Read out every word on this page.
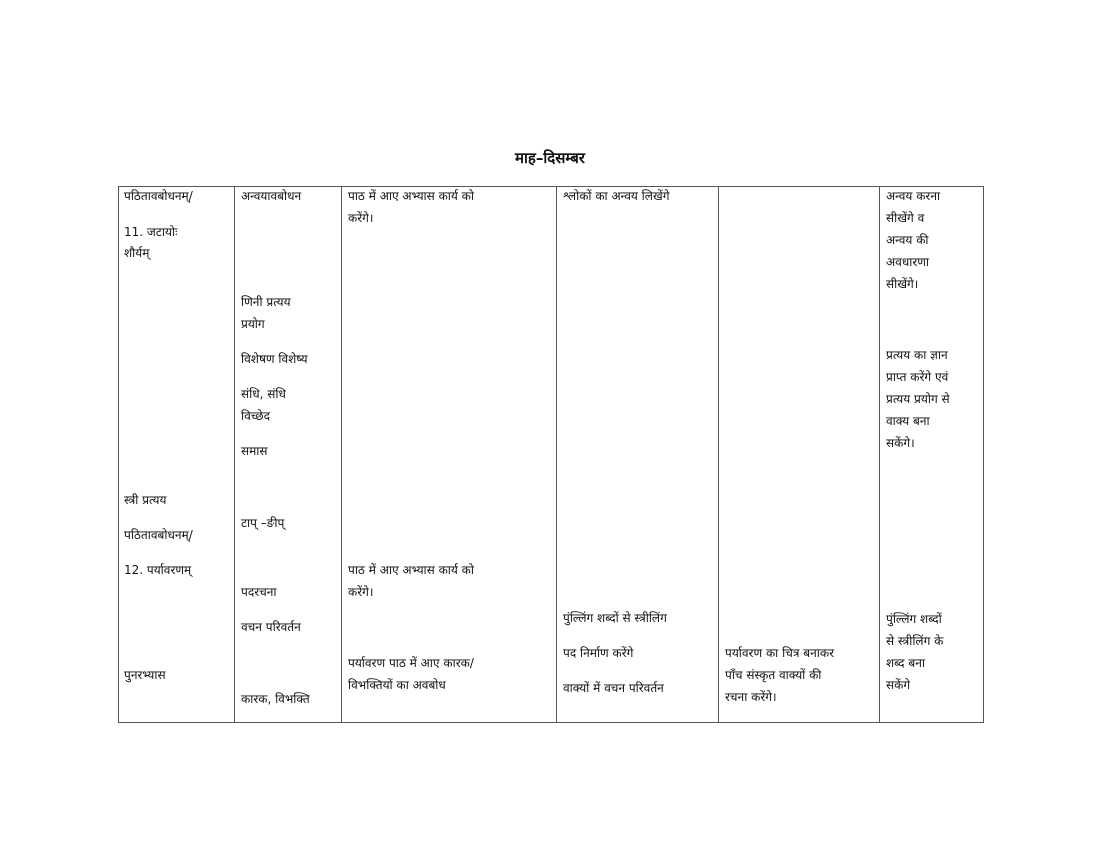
माह–दिसम्बर
पठितावबोधनम्/
11. जटायोः
शौर्यम्
स्त्री प्रत्यय
पठितावबोधनम्/
12. पर्यावरणम्
पुनरभ्यास
अन्वयावबोधन
णिनी प्रत्यय
प्रयोग
विशेषण विशेष्य
संधि, संधि
विच्छेद
समास
टाप् –ङीप्
पदरचना
वचन परिवर्तन
कारक, विभक्ति
पाठ में आए अभ्यास कार्य को
करेंगे।
पाठ में आए अभ्यास कार्य को
करेंगे।
पर्यावरण पाठ में आए कारक/
विभक्तियों का अवबोध
श्लोकों का अन्वय लिखेंगे
पुंल्लिंग शब्दों से स्त्रीलिंग
पद निर्माण करेंगे
वाक्यों में वचन परिवर्तन
पर्यावरण का चित्र बनाकर
पाँच संस्कृत वाक्यों की
रचना करेंगे।
अन्वय करना
सीखेंगे व
अन्वय की
अवधारणा
सीखेंगे।
प्रत्यय का ज्ञान
प्राप्त करेंगे एवं
प्रत्यय प्रयोग से
वाक्य बना
सकेंगे।
पुंल्लिंग शब्दों
से स्त्रीलिंग के
शब्द बना
सकेंगे
